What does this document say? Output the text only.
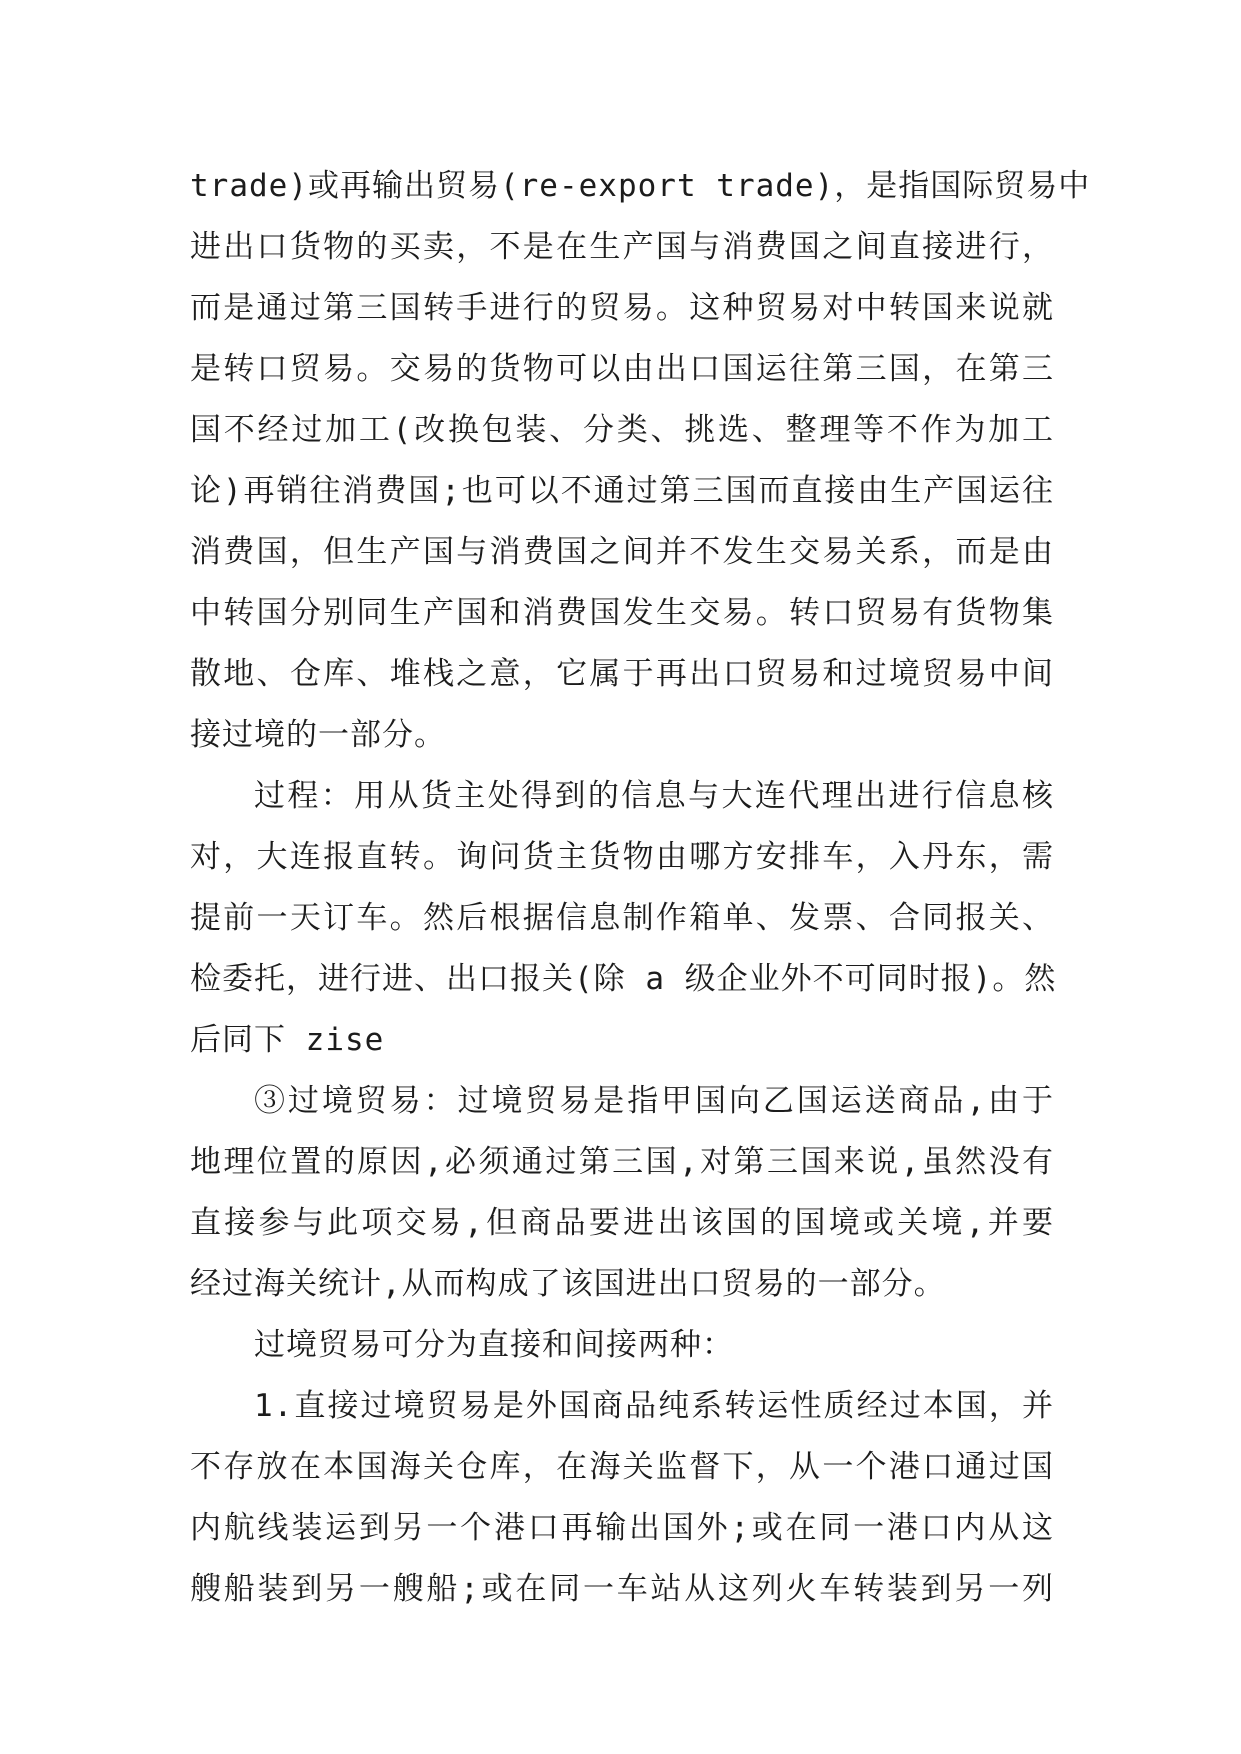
trade)或再输出贸易(re-export trade)，是指国际贸易中
进出口货物的买卖，不是在生产国与消费国之间直接进行，
而是通过第三国转手进行的贸易。这种贸易对中转国来说就
是转口贸易。交易的货物可以由出口国运往第三国，在第三
国不经过加工(改换包装、分类、挑选、整理等不作为加工
论)再销往消费国;也可以不通过第三国而直接由生产国运往
消费国，但生产国与消费国之间并不发生交易关系，而是由
中转国分别同生产国和消费国发生交易。转口贸易有货物集
散地、仓库、堆栈之意，它属于再出口贸易和过境贸易中间
接过境的一部分。
过程：用从货主处得到的信息与大连代理出进行信息核
对，大连报直转。询问货主货物由哪方安排车，入丹东，需
提前一天订车。然后根据信息制作箱单、发票、合同报关、
检委托，进行进、出口报关(除 a 级企业外不可同时报)。然
后同下 zise
③过境贸易：过境贸易是指甲国向乙国运送商品,由于
地理位置的原因,必须通过第三国,对第三国来说,虽然没有
直接参与此项交易,但商品要进出该国的国境或关境,并要
经过海关统计,从而构成了该国进出口贸易的一部分。
过境贸易可分为直接和间接两种：
1.直接过境贸易是外国商品纯系转运性质经过本国，并
不存放在本国海关仓库，在海关监督下，从一个港口通过国
内航线装运到另一个港口再输出国外;或在同一港口内从这
艘船装到另一艘船;或在同一车站从这列火车转装到另一列
